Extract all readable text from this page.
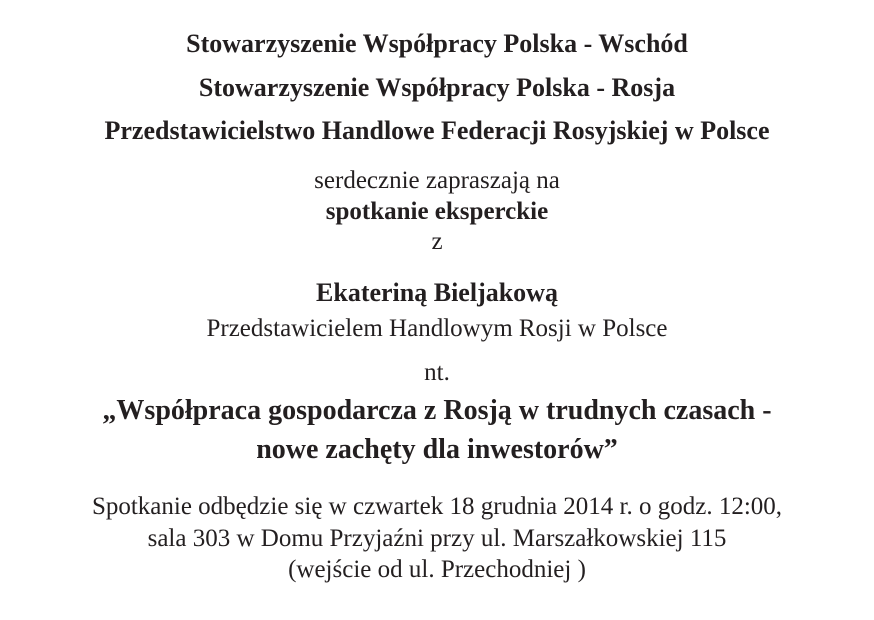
Stowarzyszenie Współpracy Polska - Wschód
Stowarzyszenie Współpracy Polska - Rosja
Przedstawicielstwo Handlowe Federacji Rosyjskiej w Polsce
serdecznie zapraszają na
spotkanie eksperckie
z
Ekateriną Bieljakową
Przedstawicielem Handlowym Rosji w Polsce
nt.
„Współpraca gospodarcza z Rosją w trudnych czasach -
nowe zachęty dla inwestorów”
Spotkanie odbędzie się w czwartek 18 grudnia 2014 r. o godz. 12:00,
sala 303 w Domu Przyjaźni przy ul. Marszałkowskiej 115
(wejście od ul. Przechodniej )
